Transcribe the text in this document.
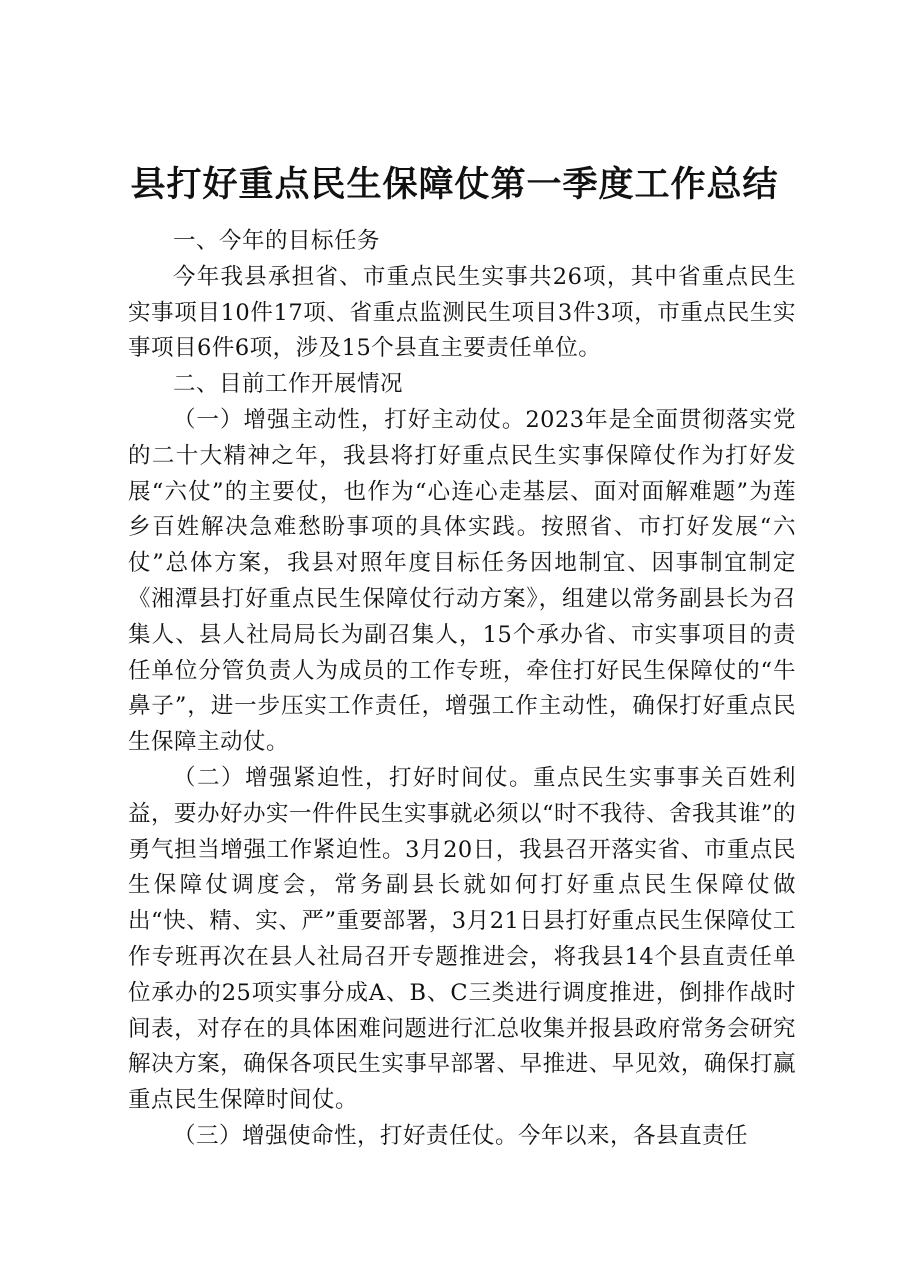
县打好重点民生保障仗第一季度工作总结

一、今年的目标任务

今年我县承担省、市重点民生实事共26项，其中省重点民生实事项目10件17项、省重点监测民生项目3件3项，市重点民生实事项目6件6项，涉及15个县直主要责任单位。

二、目前工作开展情况

（一）增强主动性，打好主动仗。2023年是全面贯彻落实党的二十大精神之年，我县将打好重点民生实事保障仗作为打好发展“六仗”的主要仗，也作为“心连心走基层、面对面解难题”为莲乡百姓解决急难愁盼事项的具体实践。按照省、市打好发展“六仗”总体方案，我县对照年度目标任务因地制宜、因事制宜制定《湘潭县打好重点民生保障仗行动方案》，组建以常务副县长为召集人、县人社局局长为副召集人，15个承办省、市实事项目的责任单位分管负责人为成员的工作专班，牵住打好民生保障仗的“牛鼻子”，进一步压实工作责任，增强工作主动性，确保打好重点民生保障主动仗。

（二）增强紧迫性，打好时间仗。重点民生实事事关百姓利益，要办好办实一件件民生实事就必须以“时不我待、舍我其谁”的勇气担当增强工作紧迫性。3月20日，我县召开落实省、市重点民生保障仗调度会，常务副县长就如何打好重点民生保障仗做出“快、精、实、严”重要部署，3月21日县打好重点民生保障仗工作专班再次在县人社局召开专题推进会，将我县14个县直责任单位承办的25项实事分成A、B、C三类进行调度推进，倒排作战时间表，对存在的具体困难问题进行汇总收集并报县政府常务会研究解决方案，确保各项民生实事早部署、早推进、早见效，确保打赢重点民生保障时间仗。

（三）增强使命性，打好责任仗。今年以来，各县直责任
